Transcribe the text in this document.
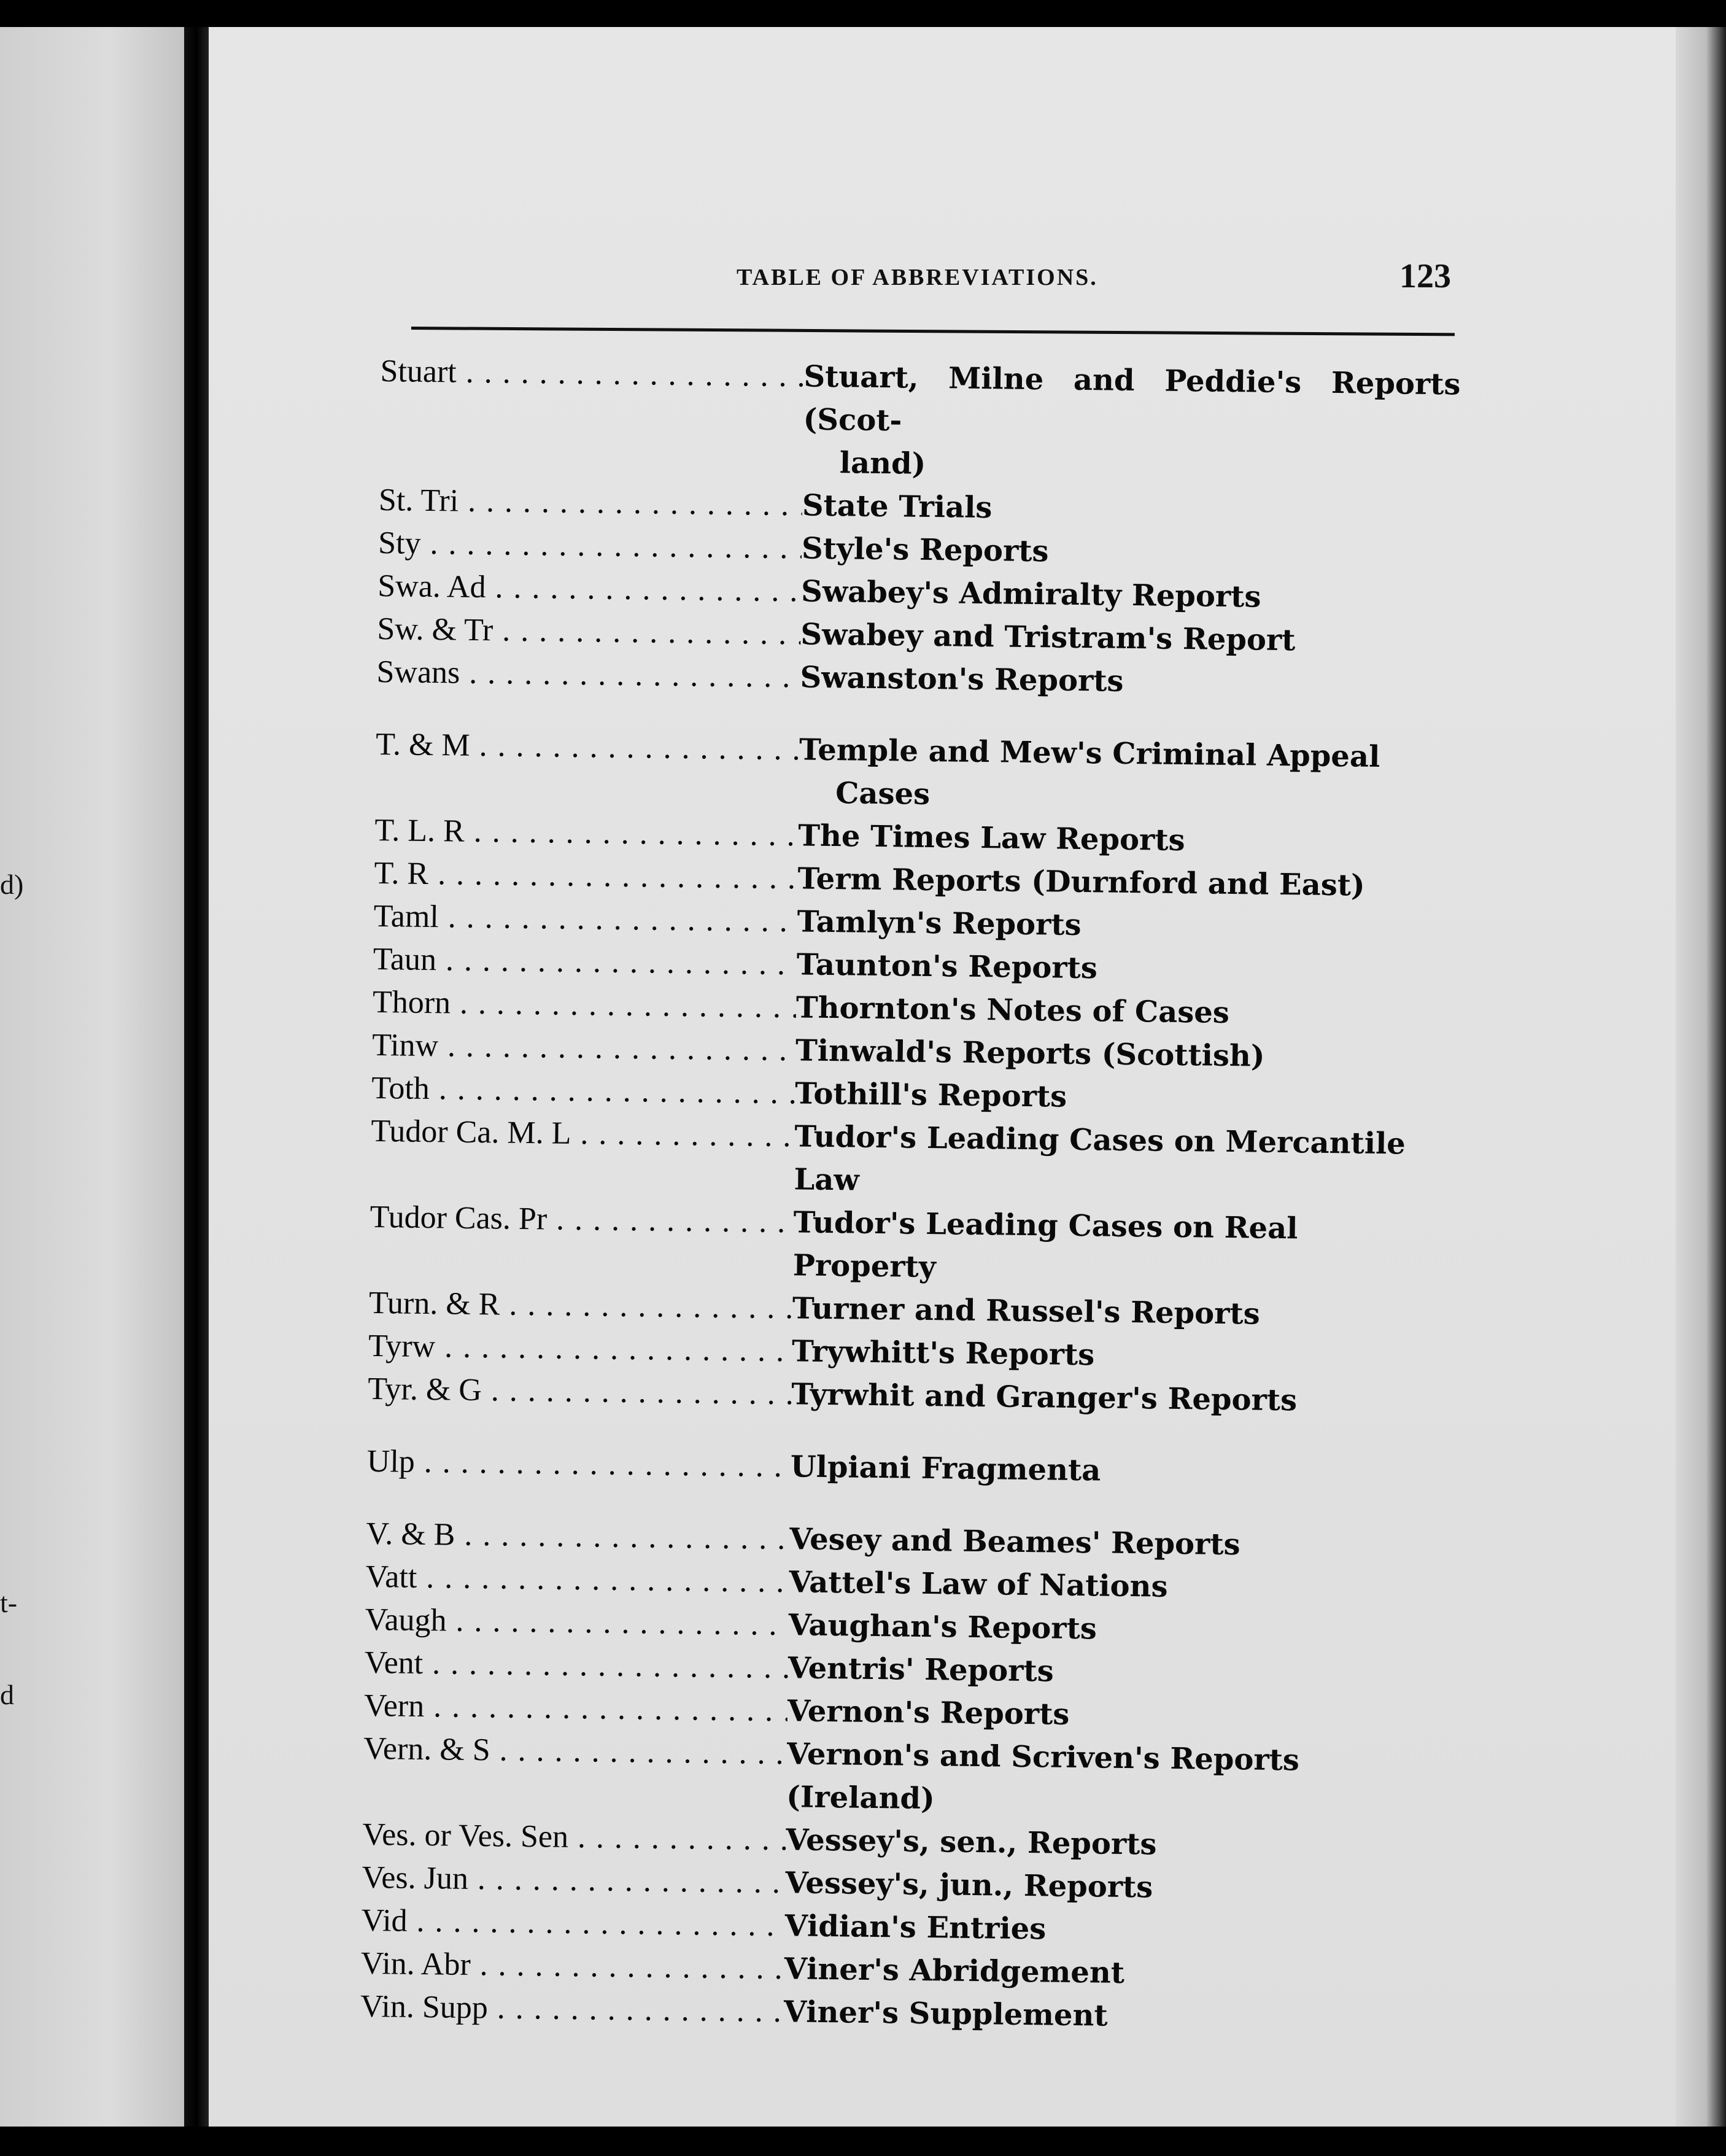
d)
t-
d
TABLE OF ABBREVIATIONS.	123
Stuart . . .	Stuart, Milne and Peddie's Reports (Scot-
land)
St. Tri . . .	State Trials
Sty . . .	Style's Reports
Swa. Ad . . .	Swabey's Admiralty Reports
Sw. & Tr . . .	Swabey and Tristram's Report
Swans . . .	Swanston's Reports
T. & M . . .	Temple and Mew's Criminal Appeal
Cases
T. L. R . . .	The Times Law Reports
T. R . . .	Term Reports (Durnford and East)
Taml . . .	Tamlyn's Reports
Taun . . .	Taunton's Reports
Thorn . . .	Thornton's Notes of Cases
Tinw . . .	Tinwald's Reports (Scottish)
Toth . . .	Tothill's Reports
Tudor Ca. M. L . . .	Tudor's Leading Cases on Mercantile Law
Tudor Cas. Pr . . .	Tudor's Leading Cases on Real Property
Turn. & R . . .	Turner and Russel's Reports
Tyrw . . .	Trywhitt's Reports
Tyr. & G . . .	Tyrwhit and Granger's Reports
Ulp . . .	Ulpiani Fragmenta
V. & B . . .	Vesey and Beames' Reports
Vatt . . .	Vattel's Law of Nations
Vaugh . . .	Vaughan's Reports
Vent . . .	Ventris' Reports
Vern . . .	Vernon's Reports
Vern. & S . . .	Vernon's and Scriven's Reports (Ireland)
Ves. or Ves. Sen . . .	Vessey's, sen., Reports
Ves. Jun . . .	Vessey's, jun., Reports
Vid . . .	Vidian's Entries
Vin. Abr . . .	Viner's Abridgement
Vin. Supp . . .	Viner's Supplement
